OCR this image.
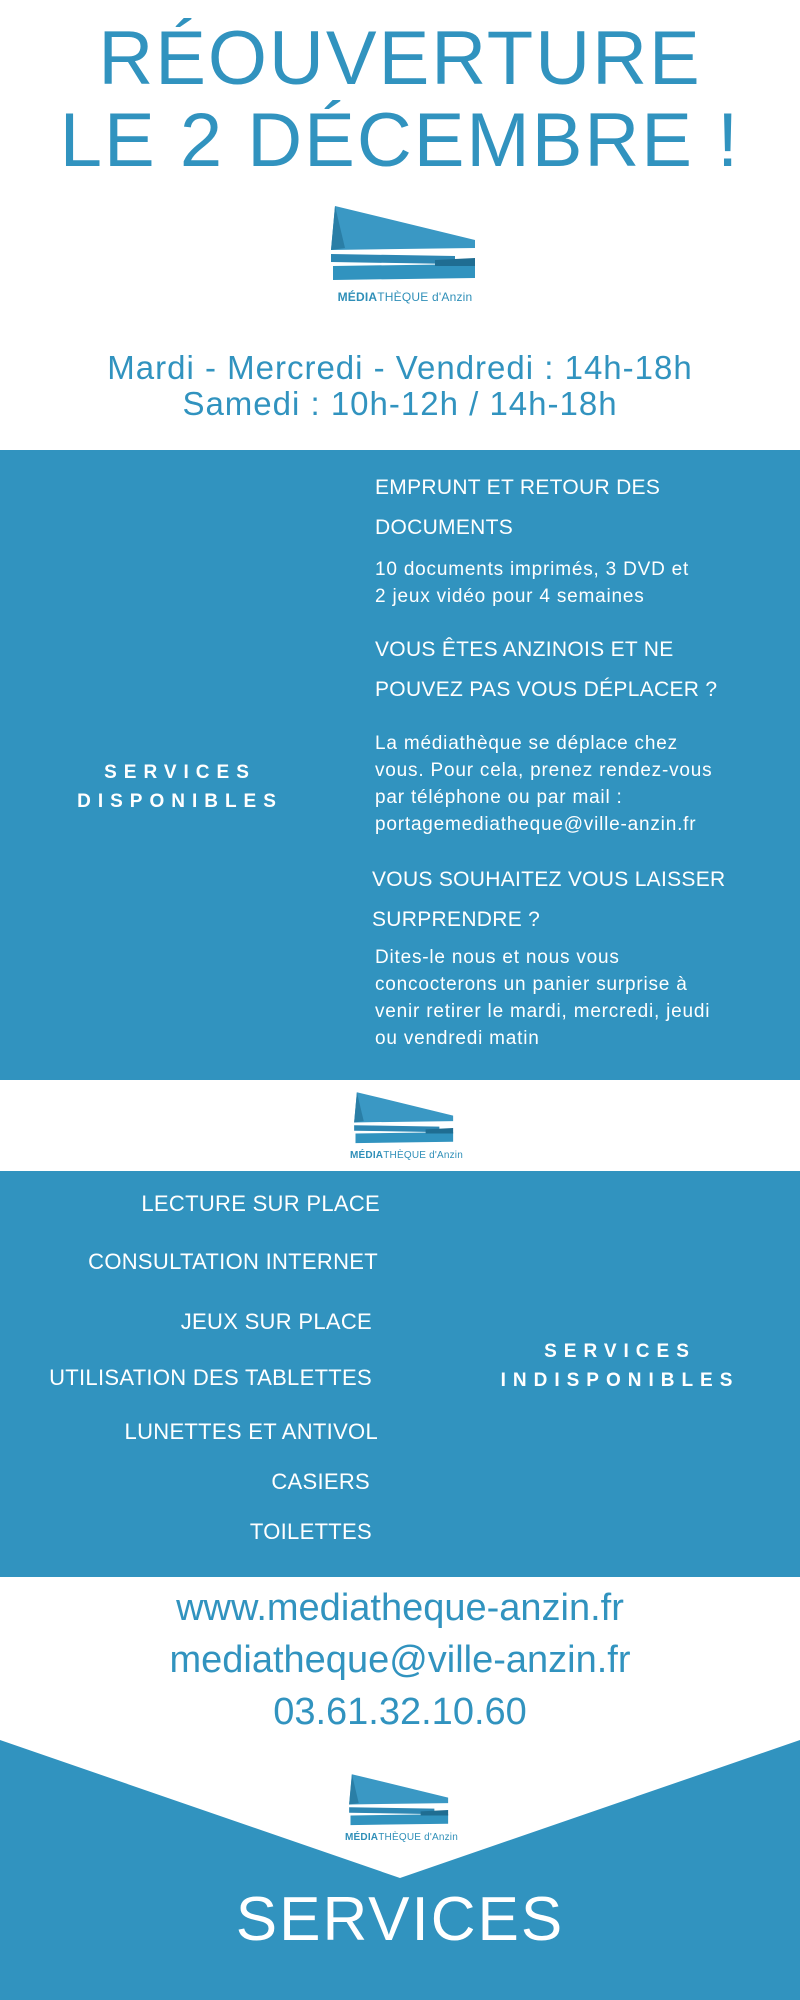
RÉOUVERTURE
LE 2 DÉCEMBRE !
MÉDIATHÈQUE d'Anzin
Mardi - Mercredi - Vendredi : 14h-18h
Samedi : 10h-12h / 14h-18h
SERVICES
DISPONIBLES
EMPRUNT ET RETOUR DES
DOCUMENTS
10 documents imprimés, 3 DVD et
2 jeux vidéo pour 4 semaines
VOUS ÊTES ANZINOIS ET NE
POUVEZ PAS VOUS DÉPLACER ?
La médiathèque se déplace chez
vous. Pour cela, prenez rendez-vous
par téléphone ou par mail :
portagemediatheque@ville-anzin.fr
VOUS SOUHAITEZ VOUS LAISSER
SURPRENDRE ?
Dites-le nous et nous vous
concocterons un panier surprise à
venir retirer le mardi, mercredi, jeudi
ou vendredi matin
MÉDIATHÈQUE d'Anzin
LECTURE SUR PLACE
CONSULTATION INTERNET
JEUX SUR PLACE
UTILISATION DES TABLETTES
LUNETTES ET ANTIVOL
CASIERS
TOILETTES
SERVICES
INDISPONIBLES
www.mediatheque-anzin.fr
mediatheque@ville-anzin.fr
03.61.32.10.60
MÉDIATHÈQUE d'Anzin
SERVICES
